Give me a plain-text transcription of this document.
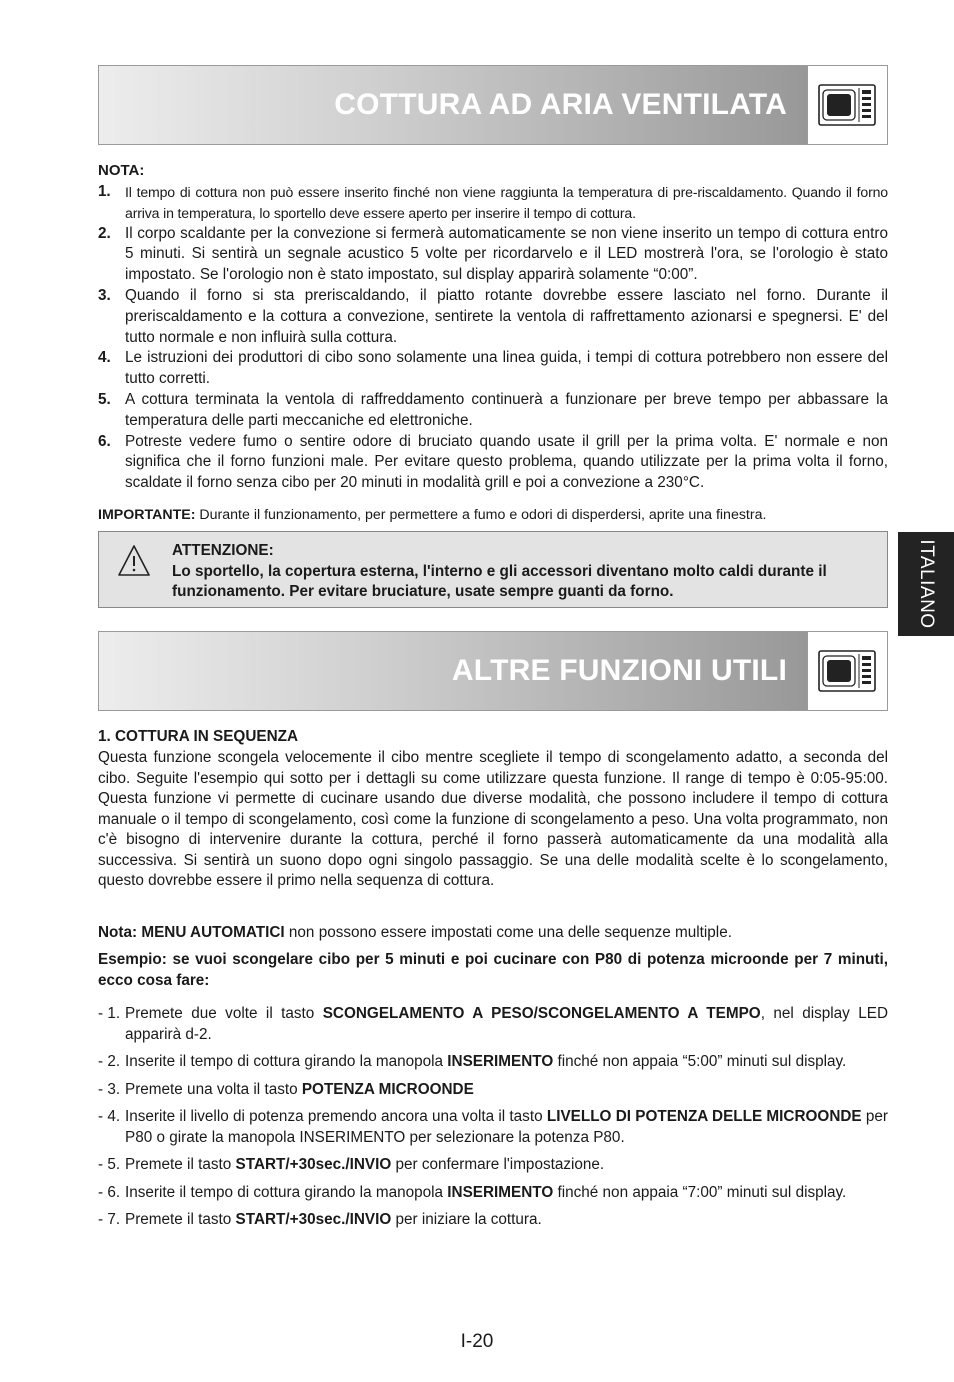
COTTURA AD ARIA VENTILATA
NOTA:
1. Il tempo di cottura non può essere inserito finché non viene raggiunta la temperatura di pre-riscaldamento. Quando il forno arriva in temperatura, lo sportello deve essere aperto per inserire il tempo di cottura.
2. Il corpo scaldante per la convezione si fermerà automaticamente se non viene inserito un tempo di cottura entro 5 minuti. Si sentirà un segnale acustico 5 volte per ricordarvelo e il LED mostrerà l'ora, se l'orologio è stato impostato. Se l'orologio non è stato impostato, sul display apparirà solamente “0:00”.
3. Quando il forno si sta preriscaldando, il piatto rotante dovrebbe essere lasciato nel forno. Durante il preriscaldamento e la cottura a convezione, sentirete la ventola di raffrettamento azionarsi e spegnersi. E' del tutto normale e non influirà sulla cottura.
4. Le istruzioni dei produttori di cibo sono solamente una linea guida, i tempi di cottura potrebbero non essere del tutto corretti.
5. A cottura terminata la ventola di raffreddamento continuerà a funzionare per breve tempo per abbassare la temperatura delle parti meccaniche ed elettroniche.
6. Potreste vedere fumo o sentire odore di bruciato quando usate il grill per la prima volta. E' normale e non significa che il forno funzioni male. Per evitare questo problema, quando utilizzate per la prima volta il forno, scaldate il forno senza cibo per 20 minuti in modalità grill e poi a convezione a 230°C.
IMPORTANTE: Durante il funzionamento, per permettere a fumo e odori di disperdersi, aprite una finestra.
ATTENZIONE:
Lo sportello, la copertura esterna, l'interno e gli accessori diventano molto caldi durante il funzionamento. Per evitare bruciature, usate sempre guanti da forno.	ITALIANO
ALTRE FUNZIONI UTILI
1. COTTURA IN SEQUENZA
Questa funzione scongela velocemente il cibo mentre scegliete il tempo di scongelamento adatto, a seconda del cibo. Seguite l'esempio qui sotto per i dettagli su come utilizzare questa funzione. Il range di tempo è 0:05-95:00. Questa funzione vi permette di cucinare usando due diverse modalità, che possono includere il tempo di cottura manuale o il tempo di scongelamento, così come la funzione di scongelamento a peso. Una volta programmato, non c'è bisogno di intervenire durante la cottura, perché il forno passerà automaticamente da una modalità alla successiva. Si sentirà un suono dopo ogni singolo passaggio. Se una delle modalità scelte è lo scongelamento, questo dovrebbe essere il primo nella sequenza di cottura.
Nota: MENU AUTOMATICI non possono essere impostati come una delle sequenze multiple.
Esempio: se vuoi scongelare cibo per 5 minuti e poi cucinare con P80 di potenza microonde per 7 minuti, ecco cosa fare:
- 1. Premete due volte il tasto SCONGELAMENTO A PESO/SCONGELAMENTO A TEMPO, nel display LED apparirà d-2.
- 2. Inserite il tempo di cottura girando la manopola INSERIMENTO finché non appaia “5:00” minuti sul display.
- 3. Premete una volta il tasto POTENZA MICROONDE
- 4. Inserite il livello di potenza premendo ancora una volta il tasto LIVELLO DI POTENZA DELLE MICROONDE per P80 o girate la manopola INSERIMENTO per selezionare la potenza P80.
- 5. Premete il tasto START/+30sec./INVIO per confermare l'impostazione.
- 6. Inserite il tempo di cottura girando la manopola INSERIMENTO finché non appaia “7:00” minuti sul display.
- 7. Premete il tasto START/+30sec./INVIO per iniziare la cottura.
I-20
